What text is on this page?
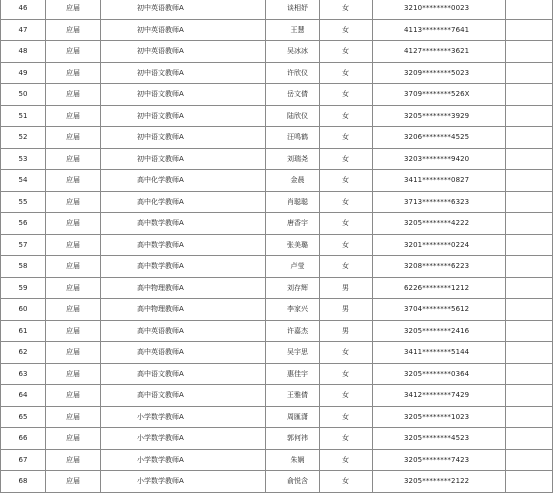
46	应届	初中英语教师A	谈相妤	女	3210********0023	
47	应届	初中英语教师A	王慧	女	4113********7641	
48	应届	初中英语教师A	吴冰冰	女	4127********3621	
49	应届	初中语文教师A	许欣仪	女	3209********5023	
50	应届	初中语文教师A	岳文倩	女	3709********526X	
51	应届	初中语文教师A	陆欣仪	女	3205********3929	
52	应届	初中语文教师A	汪鸣鹤	女	3206********4525	
53	应届	初中语文教师A	刘瑞尧	女	3203********9420	
54	应届	高中化学教师A	金晨	女	3411********0827	
55	应届	高中化学教师A	肖聪聪	女	3713********6323	
56	应届	高中数学教师A	唐香宇	女	3205********4222	
57	应届	高中数学教师A	张美璐	女	3201********0224	
58	应届	高中数学教师A	卢莹	女	3208********6223	
59	应届	高中物理教师A	刘存辉	男	6226********1212	
60	应届	高中物理教师A	李家兴	男	3704********5612	
61	应届	高中英语教师A	许嘉杰	男	3205********2416	
62	应届	高中英语教师A	吴宇思	女	3411********5144	
63	应届	高中语文教师A	惠佳宇	女	3205********0364	
64	应届	高中语文教师A	王雅倩	女	3412********7429	
65	应届	小学数学教师A	周匯潇	女	3205********1023	
66	应届	小学数学教师A	郭何祎	女	3205********4523	
67	应届	小学数学教师A	朱娴	女	3205********7423	
68	应届	小学数学教师A	俞悦含	女	3205********2122	
